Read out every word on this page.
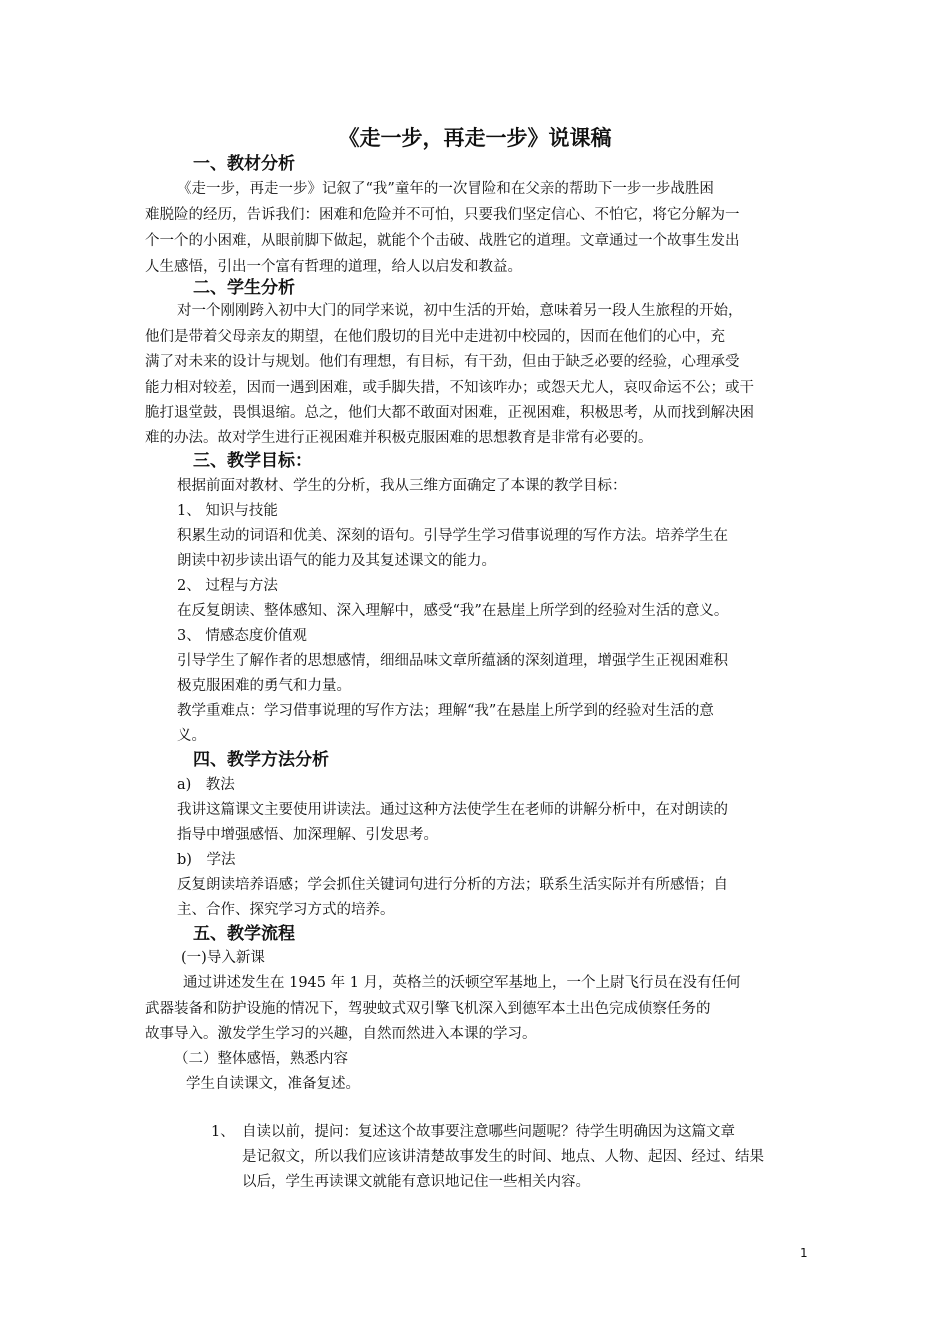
《走一步，再走一步》说课稿
一、教材分析
《走一步，再走一步》记叙了“我”童年的一次冒险和在父亲的帮助下一步一步战胜困
难脱险的经历，告诉我们：困难和危险并不可怕，只要我们坚定信心、不怕它，将它分解为一
个一个的小困难，从眼前脚下做起，就能个个击破、战胜它的道理。文章通过一个故事生发出
人生感悟，引出一个富有哲理的道理，给人以启发和教益。
二、学生分析
对一个刚刚跨入初中大门的同学来说，初中生活的开始，意味着另一段人生旅程的开始，
他们是带着父母亲友的期望，在他们殷切的目光中走进初中校园的，因而在他们的心中，充
满了对未来的设计与规划。他们有理想，有目标，有干劲，但由于缺乏必要的经验，心理承受
能力相对较差，因而一遇到困难，或手脚失措，不知该咋办；或怨天尤人，哀叹命运不公；或干
脆打退堂鼓，畏惧退缩。总之，他们大都不敢面对困难，正视困难，积极思考，从而找到解决困
难的办法。故对学生进行正视困难并积极克服困难的思想教育是非常有必要的。
三、教学目标：
根据前面对教材、学生的分析，我从三维方面确定了本课的教学目标：
1、 知识与技能
积累生动的词语和优美、深刻的语句。引导学生学习借事说理的写作方法。培养学生在
朗读中初步读出语气的能力及其复述课文的能力。
2、 过程与方法
在反复朗读、整体感知、深入理解中，感受“我”在悬崖上所学到的经验对生活的意义。
3、 情感态度价值观
引导学生了解作者的思想感情，细细品味文章所蕴涵的深刻道理，增强学生正视困难积
极克服困难的勇气和力量。
教学重难点：学习借事说理的写作方法；理解“我”在悬崖上所学到的经验对生活的意
义。
四、教学方法分析
a)　教法
我讲这篇课文主要使用讲读法。通过这种方法使学生在老师的讲解分析中，在对朗读的
指导中增强感悟、加深理解、引发思考。
b)　学法
反复朗读培养语感；学会抓住关键词句进行分析的方法；联系生活实际并有所感悟；自
主、合作、探究学习方式的培养。
五、教学流程
(一)导入新课
通过讲述发生在 1945 年 1 月，英格兰的沃顿空军基地上，一个上尉飞行员在没有任何
武器装备和防护设施的情况下，驾驶蚊式双引擎飞机深入到德军本土出色完成侦察任务的
故事导入。激发学生学习的兴趣，自然而然进入本课的学习。
（二）整体感悟，熟悉内容
学生自读课文，准备复述。
1、 自读以前，提问：复述这个故事要注意哪些问题呢？待学生明确因为这篇文章
是记叙文，所以我们应该讲清楚故事发生的时间、地点、人物、起因、经过、结果
以后，学生再读课文就能有意识地记住一些相关内容。
1
